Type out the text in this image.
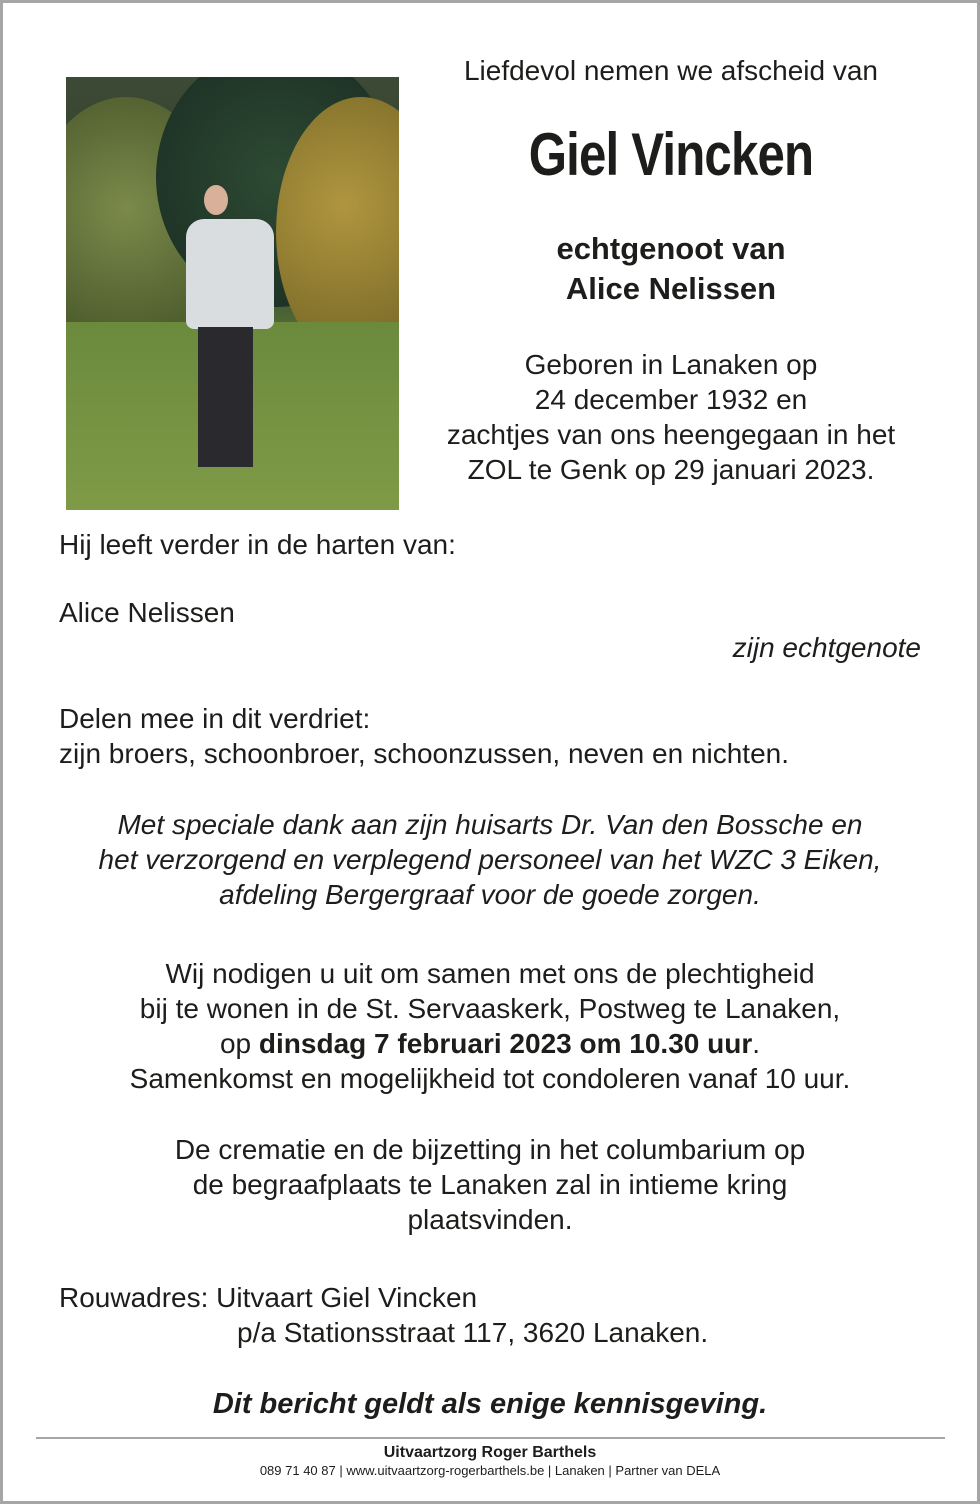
Liefdevol nemen we afscheid van
Giel Vincken
echtgenoot van
Alice Nelissen
Geboren in Lanaken op
24 december 1932 en
zachtjes van ons heengegaan in het
ZOL te Genk op 29 januari 2023.
Hij leeft verder in de harten van:
Alice Nelissen
zijn echtgenote
Delen mee in dit verdriet:
zijn broers, schoonbroer, schoonzussen, neven en nichten.
Met speciale dank aan zijn huisarts Dr. Van den Bossche en
het verzorgend en verplegend personeel van het WZC 3 Eiken,
afdeling Bergergraaf voor de goede zorgen.
Wij nodigen u uit om samen met ons de plechtigheid
bij te wonen in de St. Servaaskerk, Postweg te Lanaken,
op dinsdag 7 februari 2023 om 10.30 uur.
Samenkomst en mogelijkheid tot condoleren vanaf 10 uur.
De crematie en de bijzetting in het columbarium op
de begraafplaats te Lanaken zal in intieme kring
plaatsvinden.
Rouwadres: Uitvaart Giel Vincken
p/a Stationsstraat 117, 3620 Lanaken.
Dit bericht geldt als enige kennisgeving.
Uitvaartzorg Roger Barthels
089 71 40 87 | www.uitvaartzorg-rogerbarthels.be | Lanaken | Partner van DELA
